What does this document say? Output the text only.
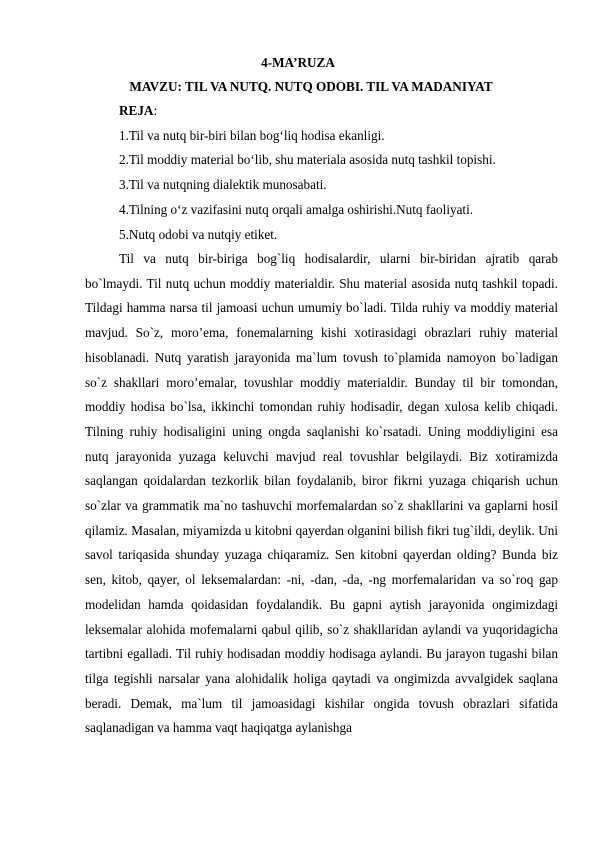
4-MA’RUZA

MAVZU: TIL VA NUTQ. NUTQ ODOBI. TIL VA MADANIYAT

REJA:
1.Til va nutq bir-biri bilan bog‘liq hodisa ekanligi.
2.Til moddiy material bo‘lib, shu materiala asosida nutq tashkil topishi.
3.Til va nutqning dialektik munosabati.
4.Tilning o‘z vazifasini nutq orqali amalga oshirishi.Nutq faoliyati.
5.Nutq odobi va nutqiy etiket.

Til va nutq bir-biriga bog`liq hodisalardir, ularni bir-biridan ajratib qarab bo`lmaydi. Til nutq uchun moddiy materialdir. Shu material asosida nutq tashkil topadi. Tildagi hamma narsa til jamoasi uchun umumiy bo`ladi. Tilda ruhiy va moddiy material mavjud. So`z, moro’ema, fonemalarning kishi xotirasidagi obrazlari ruhiy material hisoblanadi. Nutq yaratish jarayonida ma`lum tovush to`plamida namoyon bo`ladigan so`z shakllari moro’emalar, tovushlar moddiy materialdir. Bunday til bir tomondan, moddiy hodisa bo`lsa, ikkinchi tomondan ruhiy hodisadir, degan xulosa kelib chiqadi. Tilning ruhiy hodisaligini uning ongda saqlanishi ko`rsatadi. Uning moddiyligini esa nutq jarayonida yuzaga keluvchi mavjud real tovushlar belgilaydi. Biz xotiramizda saqlangan qoidalardan tezkorlik bilan foydalanib, biror fikrni yuzaga chiqarish uchun so`zlar va grammatik ma`no tashuvchi morfemalardan so`z shakllarini va gaplarni hosil qilamiz. Masalan, miyamizda u kitobni qayerdan olganini bilish fikri tug`ildi, deylik. Uni savol tariqasida shunday yuzaga chiqaramiz. Sen kitobni qayerdan olding? Bunda biz sen, kitob, qayer, ol leksemalardan: -ni, -dan, -da, -ng morfemalaridan va so`roq gap modelidan hamda qoidasidan foydalandik. Bu gapni aytish jarayonida ongimizdagi leksemalar alohida mofemalarni qabul qilib, so`z shakllaridan aylandi va yuqoridagicha tartibni egalladi. Til ruhiy hodisadan moddiy hodisaga aylandi. Bu jarayon tugashi bilan tilga tegishli narsalar yana alohidalik holiga qaytadi va ongimizda avvalgidek saqlana beradi. Demak, ma`lum til jamoasidagi kishilar ongida tovush obrazlari sifatida saqlanadigan va hamma vaqt haqiqatga aylanishga
